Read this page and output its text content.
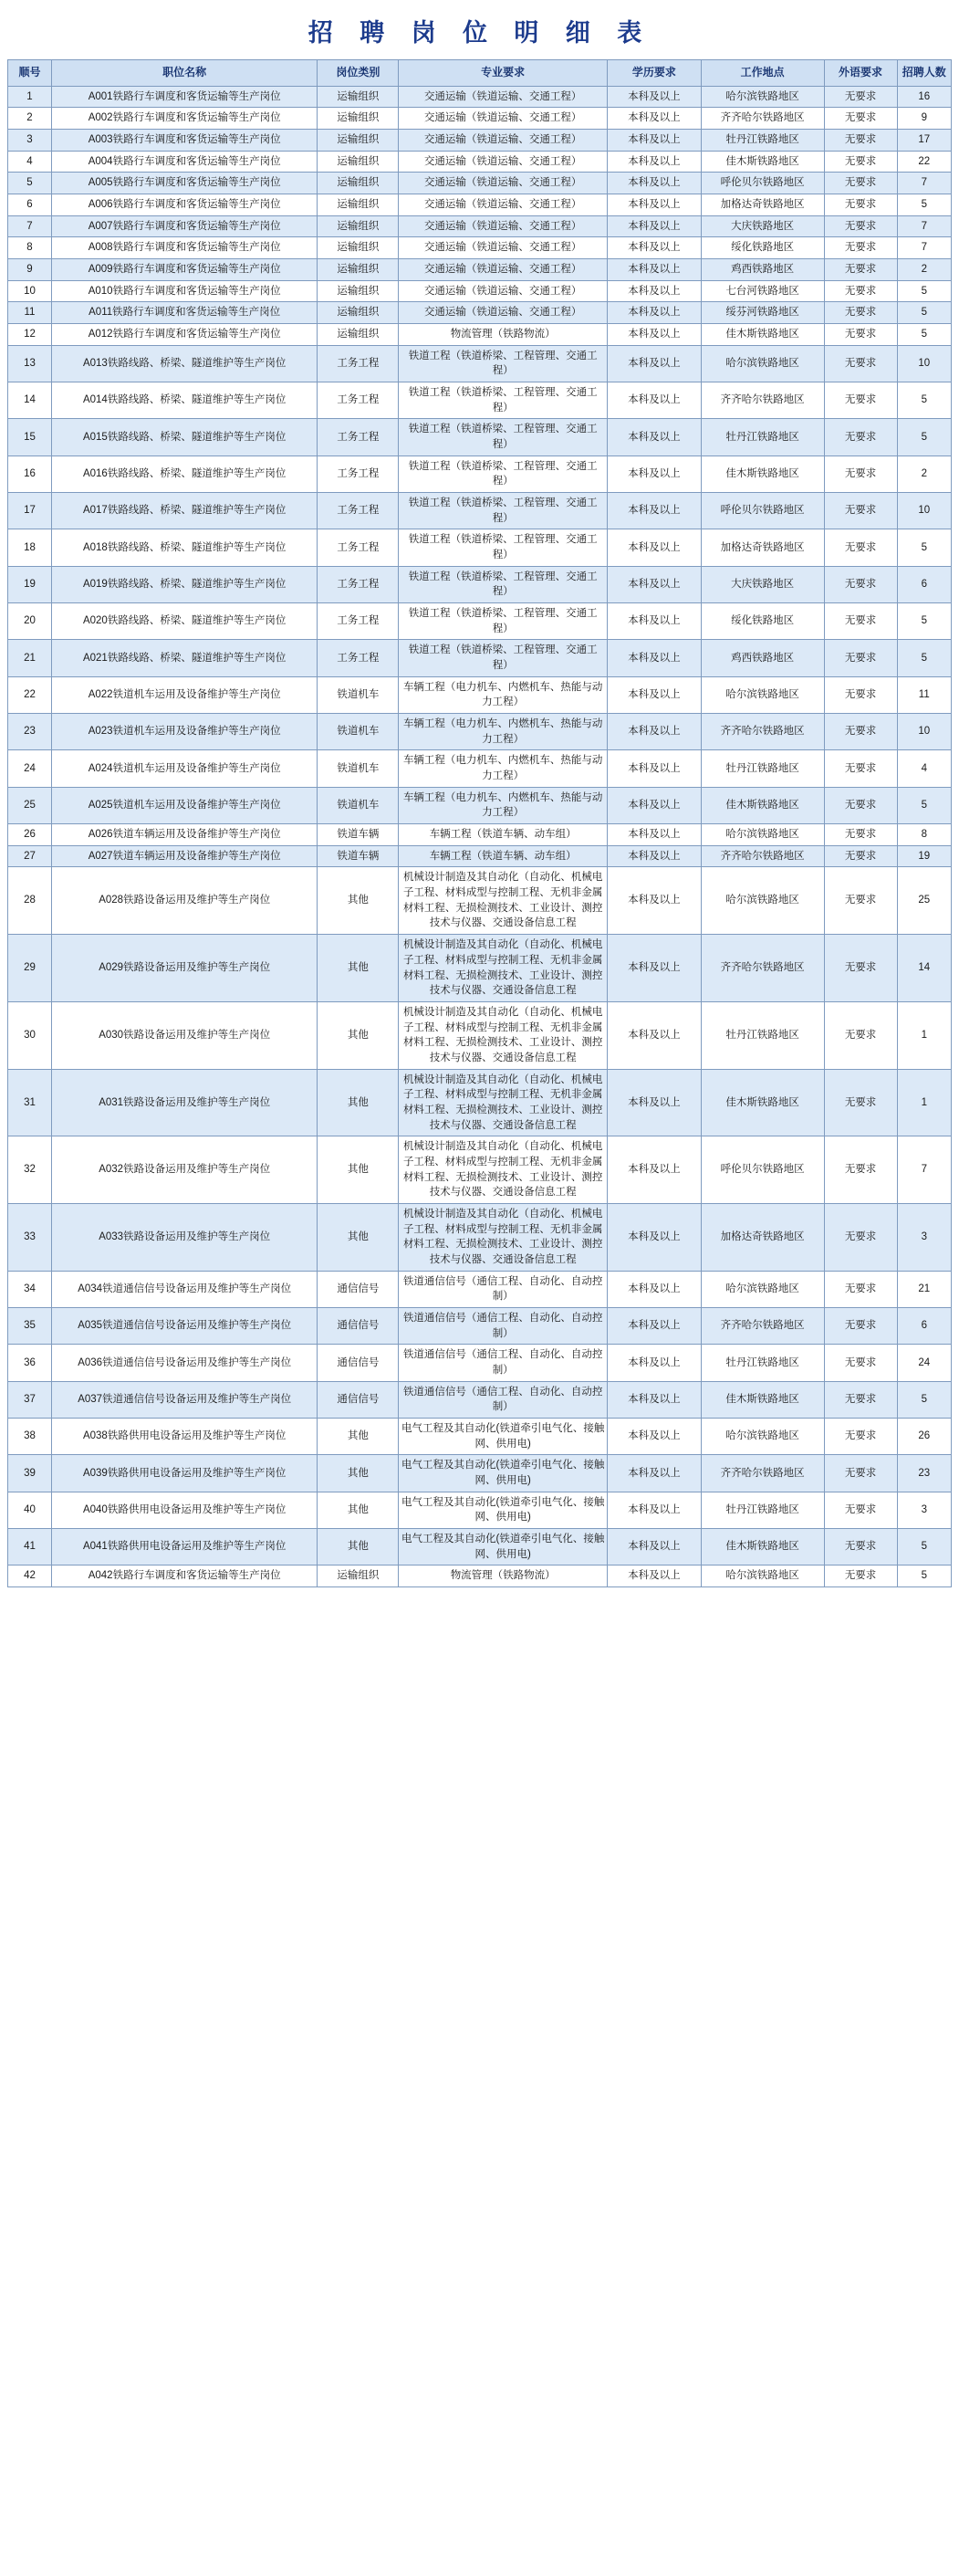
招 聘 岗 位 明 细 表
顺号	职位名称	岗位类别	专业要求	学历要求	工作地点	外语要求	招聘人数
1	A001铁路行车调度和客货运输等生产岗位	运输组织	交通运输（铁道运输、交通工程）	本科及以上	哈尔滨铁路地区	无要求	16
2	A002铁路行车调度和客货运输等生产岗位	运输组织	交通运输（铁道运输、交通工程）	本科及以上	齐齐哈尔铁路地区	无要求	9
3	A003铁路行车调度和客货运输等生产岗位	运输组织	交通运输（铁道运输、交通工程）	本科及以上	牡丹江铁路地区	无要求	17
4	A004铁路行车调度和客货运输等生产岗位	运输组织	交通运输（铁道运输、交通工程）	本科及以上	佳木斯铁路地区	无要求	22
5	A005铁路行车调度和客货运输等生产岗位	运输组织	交通运输（铁道运输、交通工程）	本科及以上	呼伦贝尔铁路地区	无要求	7
6	A006铁路行车调度和客货运输等生产岗位	运输组织	交通运输（铁道运输、交通工程）	本科及以上	加格达奇铁路地区	无要求	5
7	A007铁路行车调度和客货运输等生产岗位	运输组织	交通运输（铁道运输、交通工程）	本科及以上	大庆铁路地区	无要求	7
8	A008铁路行车调度和客货运输等生产岗位	运输组织	交通运输（铁道运输、交通工程）	本科及以上	绥化铁路地区	无要求	7
9	A009铁路行车调度和客货运输等生产岗位	运输组织	交通运输（铁道运输、交通工程）	本科及以上	鸡西铁路地区	无要求	2
10	A010铁路行车调度和客货运输等生产岗位	运输组织	交通运输（铁道运输、交通工程）	本科及以上	七台河铁路地区	无要求	5
11	A011铁路行车调度和客货运输等生产岗位	运输组织	交通运输（铁道运输、交通工程）	本科及以上	绥芬河铁路地区	无要求	5
12	A012铁路行车调度和客货运输等生产岗位	运输组织	物流管理（铁路物流）	本科及以上	佳木斯铁路地区	无要求	5
13	A013铁路线路、桥梁、隧道维护等生产岗位	工务工程	铁道工程（铁道桥梁、工程管理、交通工程）	本科及以上	哈尔滨铁路地区	无要求	10
14	A014铁路线路、桥梁、隧道维护等生产岗位	工务工程	铁道工程（铁道桥梁、工程管理、交通工程）	本科及以上	齐齐哈尔铁路地区	无要求	5
15	A015铁路线路、桥梁、隧道维护等生产岗位	工务工程	铁道工程（铁道桥梁、工程管理、交通工程）	本科及以上	牡丹江铁路地区	无要求	5
16	A016铁路线路、桥梁、隧道维护等生产岗位	工务工程	铁道工程（铁道桥梁、工程管理、交通工程）	本科及以上	佳木斯铁路地区	无要求	2
17	A017铁路线路、桥梁、隧道维护等生产岗位	工务工程	铁道工程（铁道桥梁、工程管理、交通工程）	本科及以上	呼伦贝尔铁路地区	无要求	10
18	A018铁路线路、桥梁、隧道维护等生产岗位	工务工程	铁道工程（铁道桥梁、工程管理、交通工程）	本科及以上	加格达奇铁路地区	无要求	5
19	A019铁路线路、桥梁、隧道维护等生产岗位	工务工程	铁道工程（铁道桥梁、工程管理、交通工程）	本科及以上	大庆铁路地区	无要求	6
20	A020铁路线路、桥梁、隧道维护等生产岗位	工务工程	铁道工程（铁道桥梁、工程管理、交通工程）	本科及以上	绥化铁路地区	无要求	5
21	A021铁路线路、桥梁、隧道维护等生产岗位	工务工程	铁道工程（铁道桥梁、工程管理、交通工程）	本科及以上	鸡西铁路地区	无要求	5
22	A022铁道机车运用及设备维护等生产岗位	铁道机车	车辆工程（电力机车、内燃机车、热能与动力工程）	本科及以上	哈尔滨铁路地区	无要求	11
23	A023铁道机车运用及设备维护等生产岗位	铁道机车	车辆工程（电力机车、内燃机车、热能与动力工程）	本科及以上	齐齐哈尔铁路地区	无要求	10
24	A024铁道机车运用及设备维护等生产岗位	铁道机车	车辆工程（电力机车、内燃机车、热能与动力工程）	本科及以上	牡丹江铁路地区	无要求	4
25	A025铁道机车运用及设备维护等生产岗位	铁道机车	车辆工程（电力机车、内燃机车、热能与动力工程）	本科及以上	佳木斯铁路地区	无要求	5
26	A026铁道车辆运用及设备维护等生产岗位	铁道车辆	车辆工程（铁道车辆、动车组）	本科及以上	哈尔滨铁路地区	无要求	8
27	A027铁道车辆运用及设备维护等生产岗位	铁道车辆	车辆工程（铁道车辆、动车组）	本科及以上	齐齐哈尔铁路地区	无要求	19
28	A028铁路设备运用及维护等生产岗位	其他	机械设计制造及其自动化（自动化、机械电子工程、材料成型与控制工程、无机非金属材料工程、无损检测技术、工业设计、测控技术与仪器、交通设备信息工程	本科及以上	哈尔滨铁路地区	无要求	25
29	A029铁路设备运用及维护等生产岗位	其他	机械设计制造及其自动化（自动化、机械电子工程、材料成型与控制工程、无机非金属材料工程、无损检测技术、工业设计、测控技术与仪器、交通设备信息工程	本科及以上	齐齐哈尔铁路地区	无要求	14
30	A030铁路设备运用及维护等生产岗位	其他	机械设计制造及其自动化（自动化、机械电子工程、材料成型与控制工程、无机非金属材料工程、无损检测技术、工业设计、测控技术与仪器、交通设备信息工程	本科及以上	牡丹江铁路地区	无要求	1
31	A031铁路设备运用及维护等生产岗位	其他	机械设计制造及其自动化（自动化、机械电子工程、材料成型与控制工程、无机非金属材料工程、无损检测技术、工业设计、测控技术与仪器、交通设备信息工程	本科及以上	佳木斯铁路地区	无要求	1
32	A032铁路设备运用及维护等生产岗位	其他	机械设计制造及其自动化（自动化、机械电子工程、材料成型与控制工程、无机非金属材料工程、无损检测技术、工业设计、测控技术与仪器、交通设备信息工程	本科及以上	呼伦贝尔铁路地区	无要求	7
33	A033铁路设备运用及维护等生产岗位	其他	机械设计制造及其自动化（自动化、机械电子工程、材料成型与控制工程、无机非金属材料工程、无损检测技术、工业设计、测控技术与仪器、交通设备信息工程	本科及以上	加格达奇铁路地区	无要求	3
34	A034铁道通信信号设备运用及维护等生产岗位	通信信号	铁道通信信号（通信工程、自动化、自动控制）	本科及以上	哈尔滨铁路地区	无要求	21
35	A035铁道通信信号设备运用及维护等生产岗位	通信信号	铁道通信信号（通信工程、自动化、自动控制）	本科及以上	齐齐哈尔铁路地区	无要求	6
36	A036铁道通信信号设备运用及维护等生产岗位	通信信号	铁道通信信号（通信工程、自动化、自动控制）	本科及以上	牡丹江铁路地区	无要求	24
37	A037铁道通信信号设备运用及维护等生产岗位	通信信号	铁道通信信号（通信工程、自动化、自动控制）	本科及以上	佳木斯铁路地区	无要求	5
38	A038铁路供用电设备运用及维护等生产岗位	其他	电气工程及其自动化(铁道牵引电气化、接触网、供用电)	本科及以上	哈尔滨铁路地区	无要求	26
39	A039铁路供用电设备运用及维护等生产岗位	其他	电气工程及其自动化(铁道牵引电气化、接触网、供用电)	本科及以上	齐齐哈尔铁路地区	无要求	23
40	A040铁路供用电设备运用及维护等生产岗位	其他	电气工程及其自动化(铁道牵引电气化、接触网、供用电)	本科及以上	牡丹江铁路地区	无要求	3
41	A041铁路供用电设备运用及维护等生产岗位	其他	电气工程及其自动化(铁道牵引电气化、接触网、供用电)	本科及以上	佳木斯铁路地区	无要求	5
42	A042铁路行车调度和客货运输等生产岗位	运输组织	物流管理（铁路物流）	本科及以上	哈尔滨铁路地区	无要求	5
